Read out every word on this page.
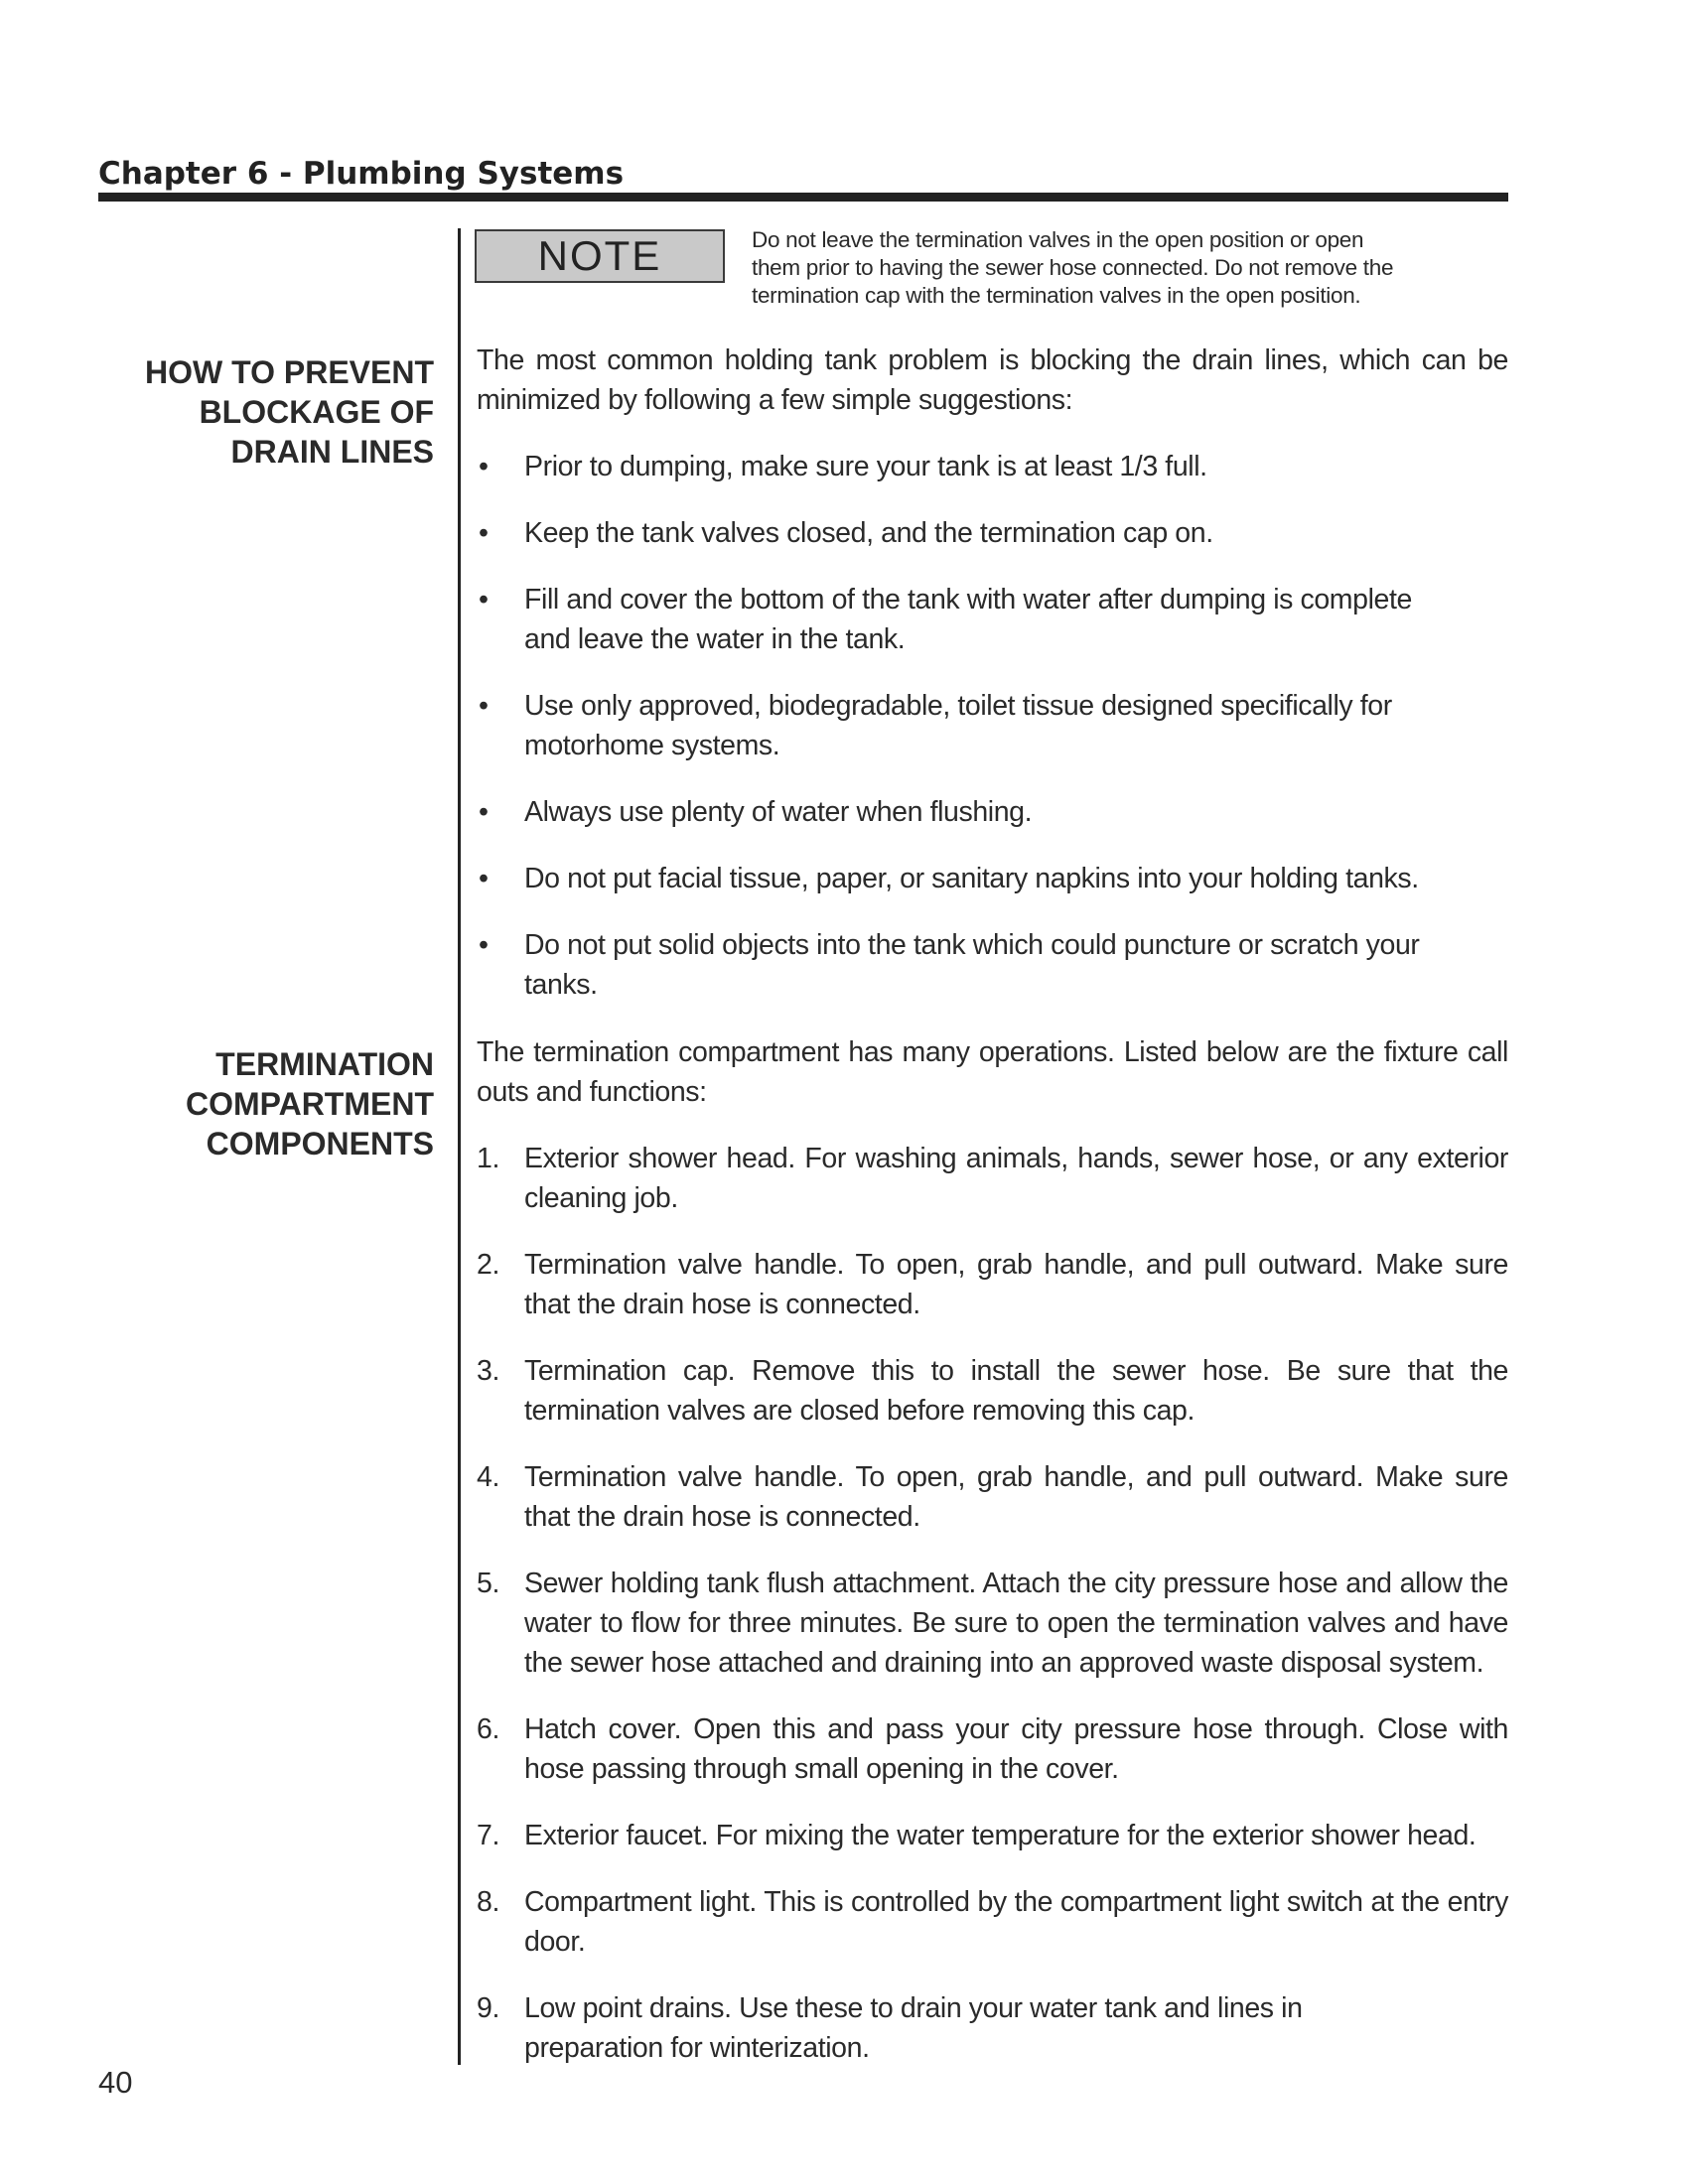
Chapter 6 - Plumbing Systems
NOTE	Do not leave the termination valves in the open position or open
them prior to having the sewer hose connected. Do not remove the
termination cap with the termination valves in the open position.

HOW TO PREVENT
BLOCKAGE OF
DRAIN LINES

The most common holding tank problem is blocking the drain lines, which can be minimized by following a few simple suggestions:

• Prior to dumping, make sure your tank is at least 1/3 full.
• Keep the tank valves closed, and the termination cap on.
• Fill and cover the bottom of the tank with water after dumping is complete
and leave the water in the tank.
• Use only approved, biodegradable, toilet tissue designed specifically for
motorhome systems.
• Always use plenty of water when flushing.
• Do not put facial tissue, paper, or sanitary napkins into your holding tanks.
• Do not put solid objects into the tank which could puncture or scratch your
tanks.
TERMINATION
COMPARTMENT
COMPONENTS

The termination compartment has many operations. Listed below are the fixture call outs and functions:

1. Exterior shower head. For washing animals, hands, sewer hose, or any exterior cleaning job.
2. Termination valve handle. To open, grab handle, and pull outward. Make sure that the drain hose is connected.
3. Termination cap. Remove this to install the sewer hose. Be sure that the termination valves are closed before removing this cap.
4. Termination valve handle. To open, grab handle, and pull outward. Make sure that the drain hose is connected.
5. Sewer holding tank flush attachment. Attach the city pressure hose and allow the water to flow for three minutes. Be sure to open the termination valves and have the sewer hose attached and draining into an approved waste disposal system.
6. Hatch cover. Open this and pass your city pressure hose through. Close with hose passing through small opening in the cover.
7. Exterior faucet. For mixing the water temperature for the exterior shower head.
8. Compartment light. This is controlled by the compartment light switch at the entry door.
9. Low point drains. Use these to drain your water tank and lines in
preparation for winterization.

40
